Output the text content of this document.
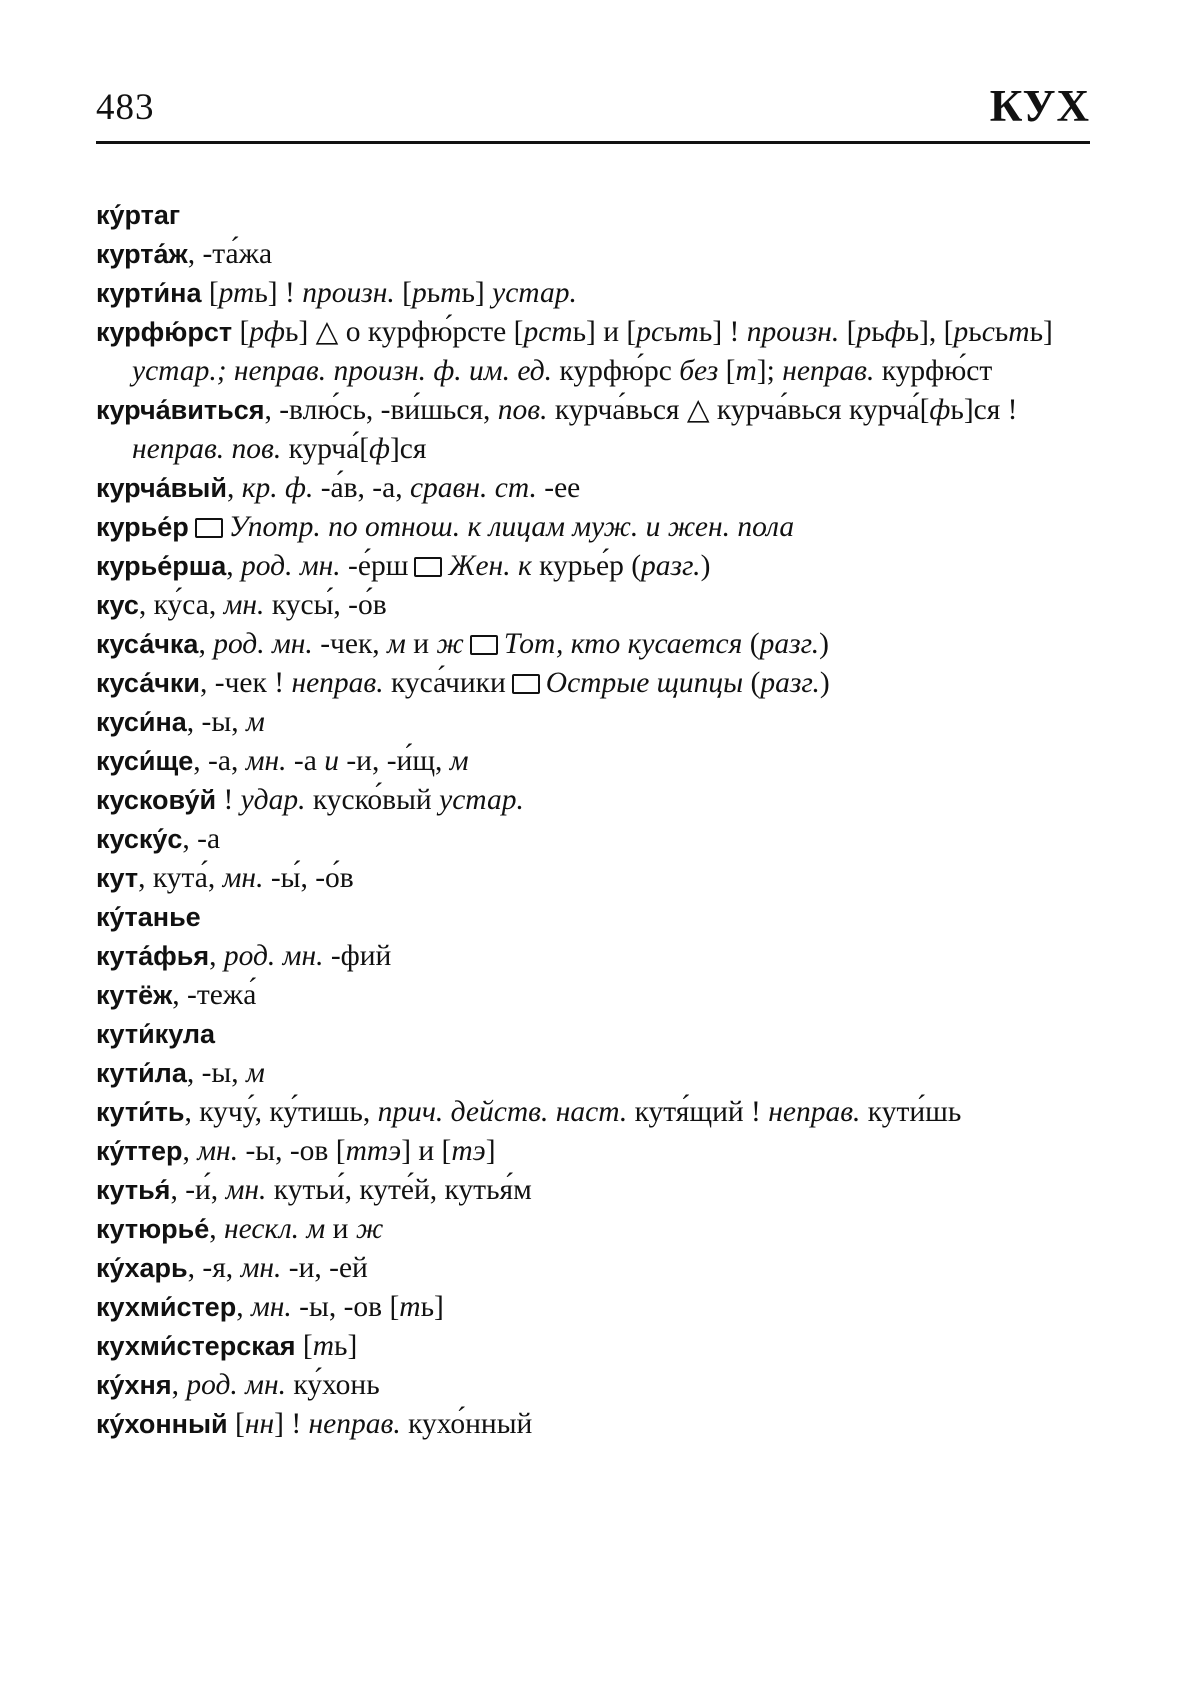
483	КУХ

ку́ртаг

курта́ж, -та́жа

курти́на [рть] ! произн. [рьть] устар.

курфю́рст [рфь] △ о курфю́рсте [рсть] и [рсьть] ! произн. [рьфь], [рьсьть] устар.; неправ. произн. ф. им. ед. курфю́рс без [т]; неправ. курфю́ст

курча́виться, -влю́сь, -ви́шься, пов. курча́вься △ курча́вься курча́[фь]ся ! неправ. пов. курча́[ф]ся

курча́вый, кр. ф. -а́в, -а, сравн. ст. -ее

курье́р Употр. по отнош. к лицам муж. и жен. пола

курье́рша, род. мн. -е́рш Жен. к курье́р (разг.)

кус, ку́са, мн. кусы́, -о́в

куса́чка, род. мн. -чек, м и ж Тот, кто кусается (разг.)

куса́чки, -чек ! неправ. куса́чики Острые щипцы (разг.)

куси́на, -ы, м

куси́ще, -а, мн. -а и -и, -и́щ, м

кускову́й ! удар. куско́вый устар.

куску́с, -а

кут, кута́, мн. -ы́, -о́в

ку́танье

кута́фья, род. мн. -фий

кутёж, -тежа́

кути́кула

кути́ла, -ы, м

кути́ть, кучу́, ку́тишь, прич. действ. наст. кутя́щий ! неправ. кути́шь

ку́ттер, мн. -ы, -ов [ттэ] и [тэ]

кутья́, -и́, мн. кутьи́, куте́й, кутья́м

кутюрье́, нескл. м и ж

ку́харь, -я, мн. -и, -ей

кухми́стер, мн. -ы, -ов [ть]

кухми́стерская [ть]

ку́хня, род. мн. ку́хонь

ку́хонный [нн] ! неправ. кухо́нный
